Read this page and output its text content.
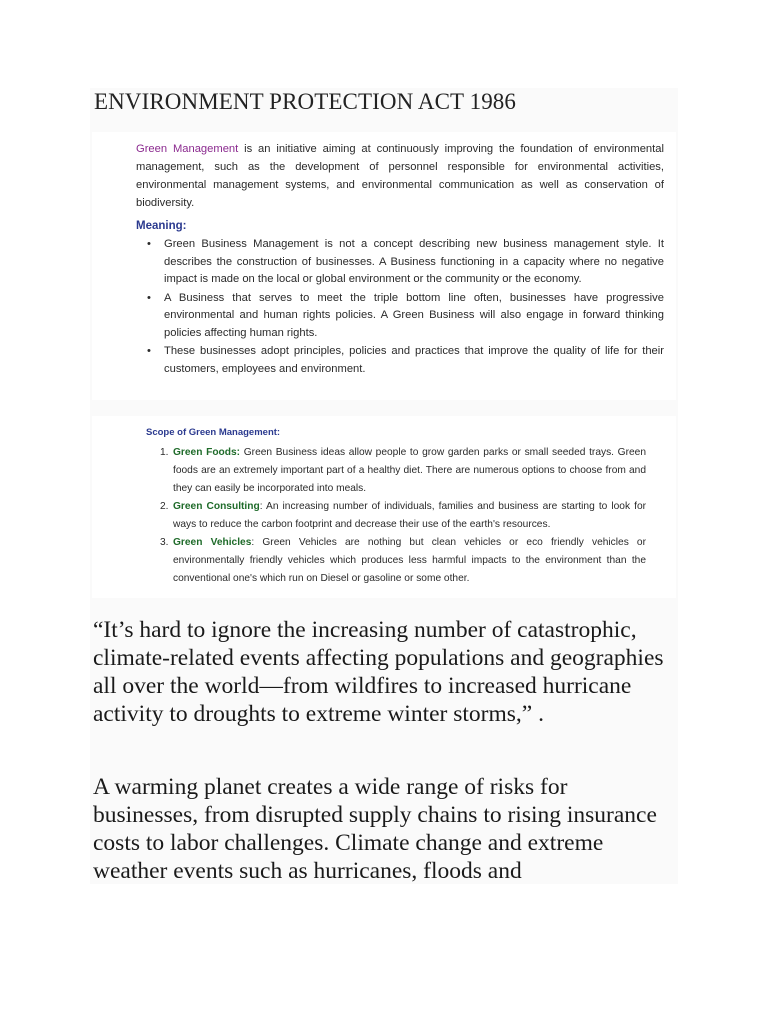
ENVIRONMENT PROTECTION ACT 1986
Green Management is an initiative aiming at continuously improving the foundation of environmental management, such as the development of personnel responsible for environmental activities, environmental management systems, and environmental communication as well as conservation of biodiversity.
Meaning:
• Green Business Management is not a concept describing new business management style. It describes the construction of businesses. A Business functioning in a capacity where no negative impact is made on the local or global environment or the community or the economy.
• A Business that serves to meet the triple bottom line often, businesses have progressive environmental and human rights policies. A Green Business will also engage in forward thinking policies affecting human rights.
• These businesses adopt principles, policies and practices that improve the quality of life for their customers, employees and environment.
Scope of Green Management:
1. Green Foods: Green Business ideas allow people to grow garden parks or small seeded trays. Green foods are an extremely important part of a healthy diet. There are numerous options to choose from and they can easily be incorporated into meals.
2. Green Consulting: An increasing number of individuals, families and business are starting to look for ways to reduce the carbon footprint and decrease their use of the earth's resources.
3. Green Vehicles: Green Vehicles are nothing but clean vehicles or eco friendly vehicles or environmentally friendly vehicles which produces less harmful impacts to the environment than the conventional one's which run on Diesel or gasoline or some other.
“It’s hard to ignore the increasing number of catastrophic, climate-related events affecting populations and geographies all over the world—from wildfires to increased hurricane activity to droughts to extreme winter storms,” .
A warming planet creates a wide range of risks for businesses, from disrupted supply chains to rising insurance costs to labor challenges. Climate change and extreme weather events such as hurricanes, floods and
